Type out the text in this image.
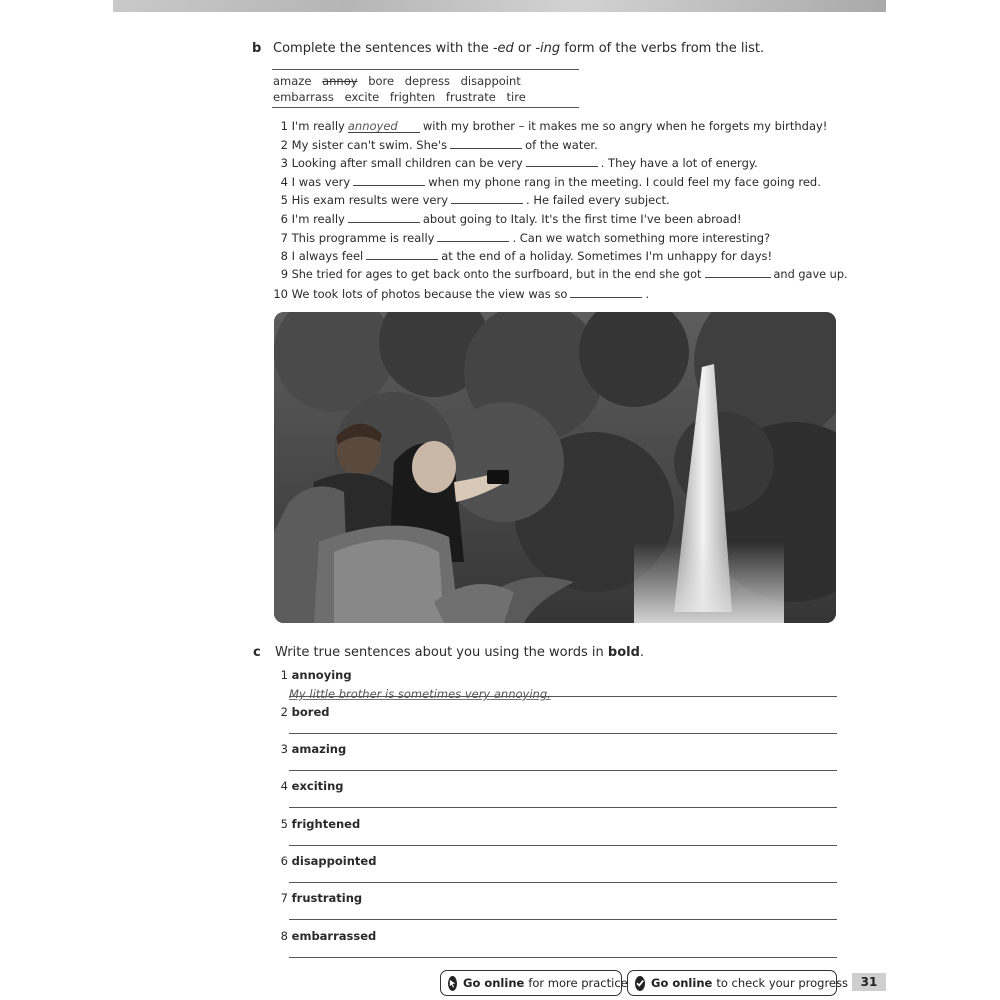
b Complete the sentences with the -ed or -ing form of the verbs from the list.
amaze annoy bore depress disappoint
embarrass excite frighten frustrate tire
1 I'm really annoyed with my brother – it makes me so angry when he forgets my birthday!
2 My sister can't swim. She's	of the water.
3 Looking after small children can be very	. They have a lot of energy.
4 I was very	when my phone rang in the meeting. I could feel my face going red.
5 His exam results were very	. He failed every subject.
6 I'm really	about going to Italy. It's the first time I've been abroad!
7 This programme is really	. Can we watch something more interesting?
8 I always feel	at the end of a holiday. Sometimes I'm unhappy for days!
9 She tried for ages to get back onto the surfboard, but in the end she got	and gave up.
10 We took lots of photos because the view was so	.
c Write true sentences about you using the words in bold.
1 annoying
My little brother is sometimes very annoying.
2 bored
3 amazing
4 exciting
5 frightened
6 disappointed
7 frustrating
8 embarrassed
Go online for more practice Go online to check your progress	31
